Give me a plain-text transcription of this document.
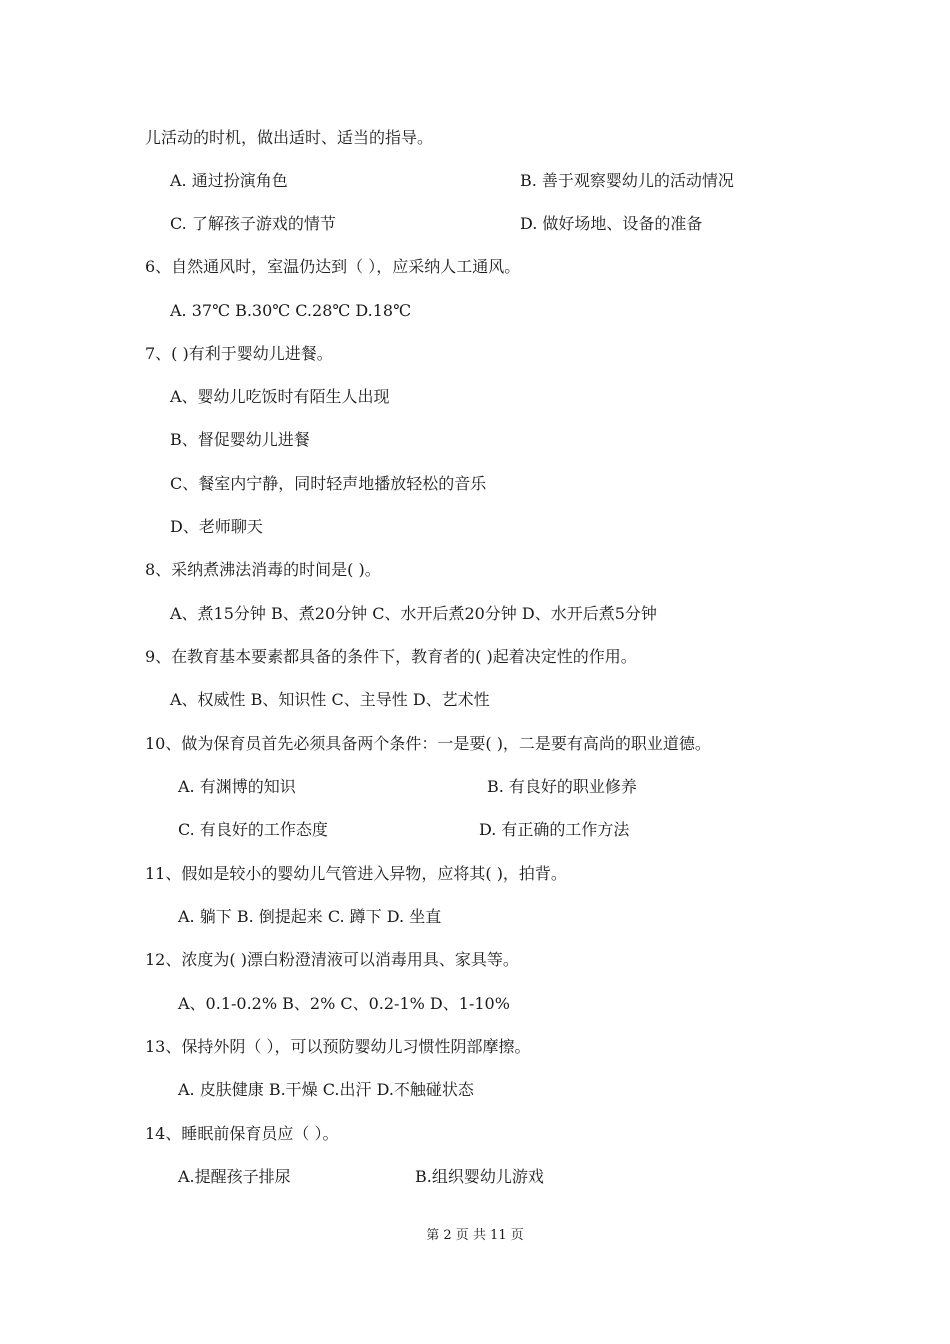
儿活动的时机，做出适时、适当的指导。
A. 通过扮演角色	B. 善于观察婴幼儿的活动情况
C. 了解孩子游戏的情节	D. 做好场地、设备的准备
6、自然通风时，室温仍达到（ ），应采纳人工通风。
A. 37℃ B.30℃ C.28℃ D.18℃
7、( )有利于婴幼儿进餐。
A、婴幼儿吃饭时有陌生人出现
B、督促婴幼儿进餐
C、餐室内宁静，同时轻声地播放轻松的音乐
D、老师聊天
8、采纳煮沸法消毒的时间是( )。
A、煮15分钟 B、煮20分钟 C、水开后煮20分钟 D、水开后煮5分钟
9、在教育基本要素都具备的条件下，教育者的( )起着决定性的作用。
A、权威性 B、知识性 C、主导性 D、艺术性
10、做为保育员首先必须具备两个条件：一是要( )，二是要有高尚的职业道德。
A. 有渊博的知识	B. 有良好的职业修养
C. 有良好的工作态度	D. 有正确的工作方法
11、假如是较小的婴幼儿气管进入异物，应将其( )，拍背。
A. 躺下 B. 倒提起来 C. 蹲下 D. 坐直
12、浓度为( )漂白粉澄清液可以消毒用具、家具等。
A、0.1-0.2% B、2% C、0.2-1% D、1-10%
13、保持外阴（ ），可以预防婴幼儿习惯性阴部摩擦。
A. 皮肤健康 B.干燥 C.出汗 D.不触碰状态
14、睡眠前保育员应（ ）。
A.提醒孩子排尿	B.组织婴幼儿游戏
第 2 页 共 11 页
